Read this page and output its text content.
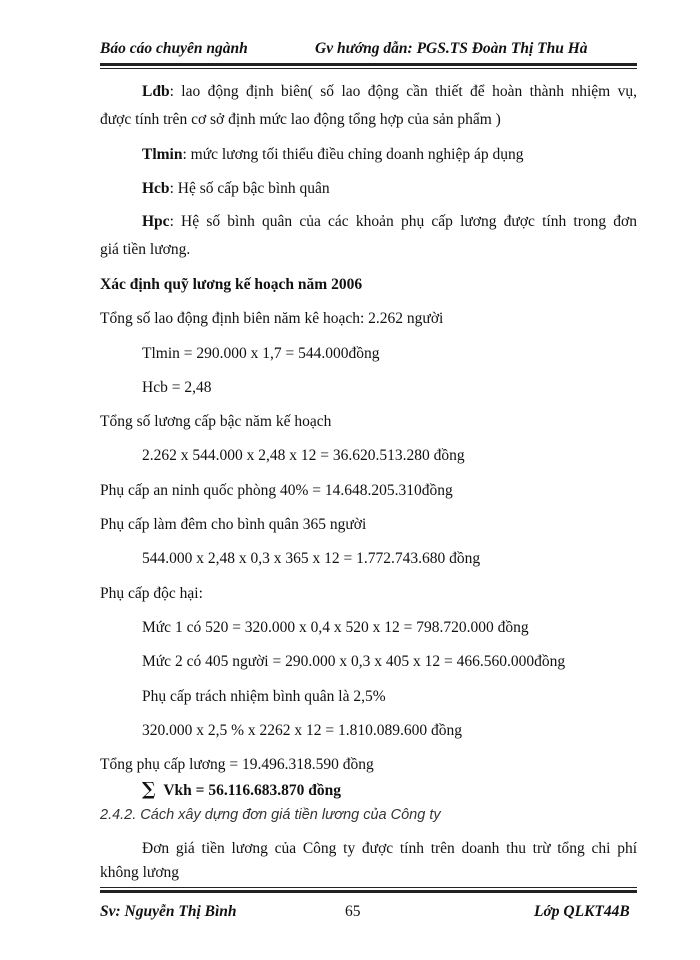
Báo cáo chuyên ngành	Gv hướng dẫn: PGS.TS Đoàn Thị Thu Hà
Lđb: lao động định biên( số lao động cần thiết để hoàn thành nhiệm vụ,
được tính trên cơ sở định mức lao động tổng hợp của sản phẩm )
Tlmin: mức lương tối thiểu điều chỉng doanh nghiệp áp dụng
Hcb: Hệ số cấp bậc bình quân
Hpc: Hệ số bình quân của các khoản phụ cấp lương được tính trong đơn
giá tiền lương.
Xác định quỹ lương kế hoạch năm 2006
Tổng số lao động định biên năm kê hoạch: 2.262 người
Tlmin = 290.000 x 1,7 = 544.000đồng
Hcb = 2,48
Tổng số lương cấp bậc năm kế hoạch
2.262 x 544.000 x 2,48 x 12 = 36.620.513.280 đồng
Phụ cấp an ninh quốc phòng 40% = 14.648.205.310đồng
Phụ cấp làm đêm cho bình quân 365 người
544.000 x 2,48 x 0,3 x 365 x 12 = 1.772.743.680 đồng
Phụ cấp độc hại:
Mức 1 có 520 = 320.000 x 0,4 x 520 x 12 = 798.720.000 đồng
Mức 2 có 405 người = 290.000 x 0,3 x 405 x 12 = 466.560.000đồng
Phụ cấp trách nhiệm bình quân là 2,5%
320.000 x 2,5 % x 2262 x 12 = 1.810.089.600 đồng
Tổng phụ cấp lương = 19.496.318.590 đồng
∑ Vkh = 56.116.683.870 đồng
2.4.2. Cách xây dựng đơn giá tiền lương của Công ty
Đơn giá tiền lương của Công ty được tính trên doanh thu trừ tổng chi phí
không lương
Sv: Nguyễn Thị Bình	65	Lớp QLKT44B
